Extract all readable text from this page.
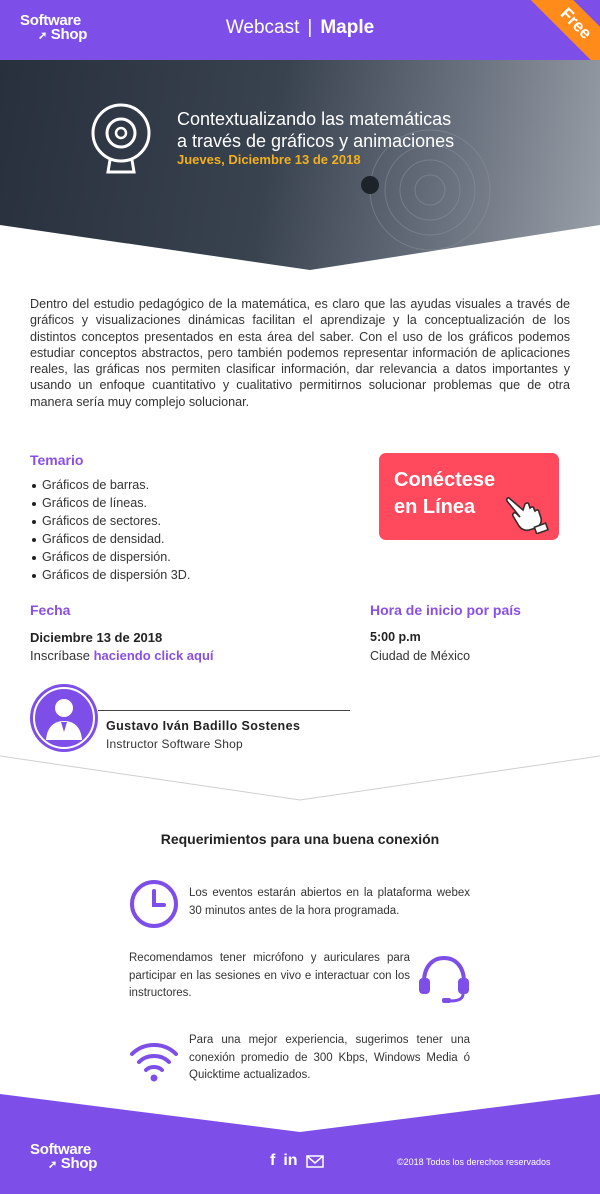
Software
➚ Shop	Webcast | Maple	Free
Contextualizando las matemáticas
a través de gráficos y animaciones
Jueves, Diciembre 13 de 2018

Dentro del estudio pedagógico de la matemática, es claro que las ayudas visuales a través de gráficos y visualizaciones dinámicas facilitan el aprendizaje y la conceptualización de los distintos conceptos presentados en esta área del saber. Con el uso de los gráficos podemos estudiar conceptos abstractos, pero también podemos representar información de aplicaciones reales, las gráficas nos permiten clasificar información, dar relevancia a datos importantes y usando un enfoque cuantitativo y cualitativo permitirnos solucionar problemas que de otra manera sería muy complejo solucionar.

Temario
Gráficos de barras.
Gráficos de líneas.
Gráficos de sectores.
Gráficos de densidad.
Gráficos de dispersión.
Gráficos de dispersión 3D.
Conéctese
en Línea
Fecha
Diciembre 13 de 2018
Inscríbase haciendo click aquí
Hora de inicio por país
5:00 p.m
Ciudad de México
Gustavo Iván Badillo Sostenes
Instructor Software Shop
Requerimientos para una buena conexión
Los eventos estarán abiertos en la plataforma webex 30 minutos antes de la hora programada.
Recomendamos tener micrófono y auriculares para participar en las sesiones en vivo e interactuar con los instructores.
Para una mejor experiencia, sugerimos tener una conexión promedio de 300 Kbps, Windows Media ó Quicktime actualizados.
Software
➚ Shop	f in	©2018 Todos los derechos reservados
